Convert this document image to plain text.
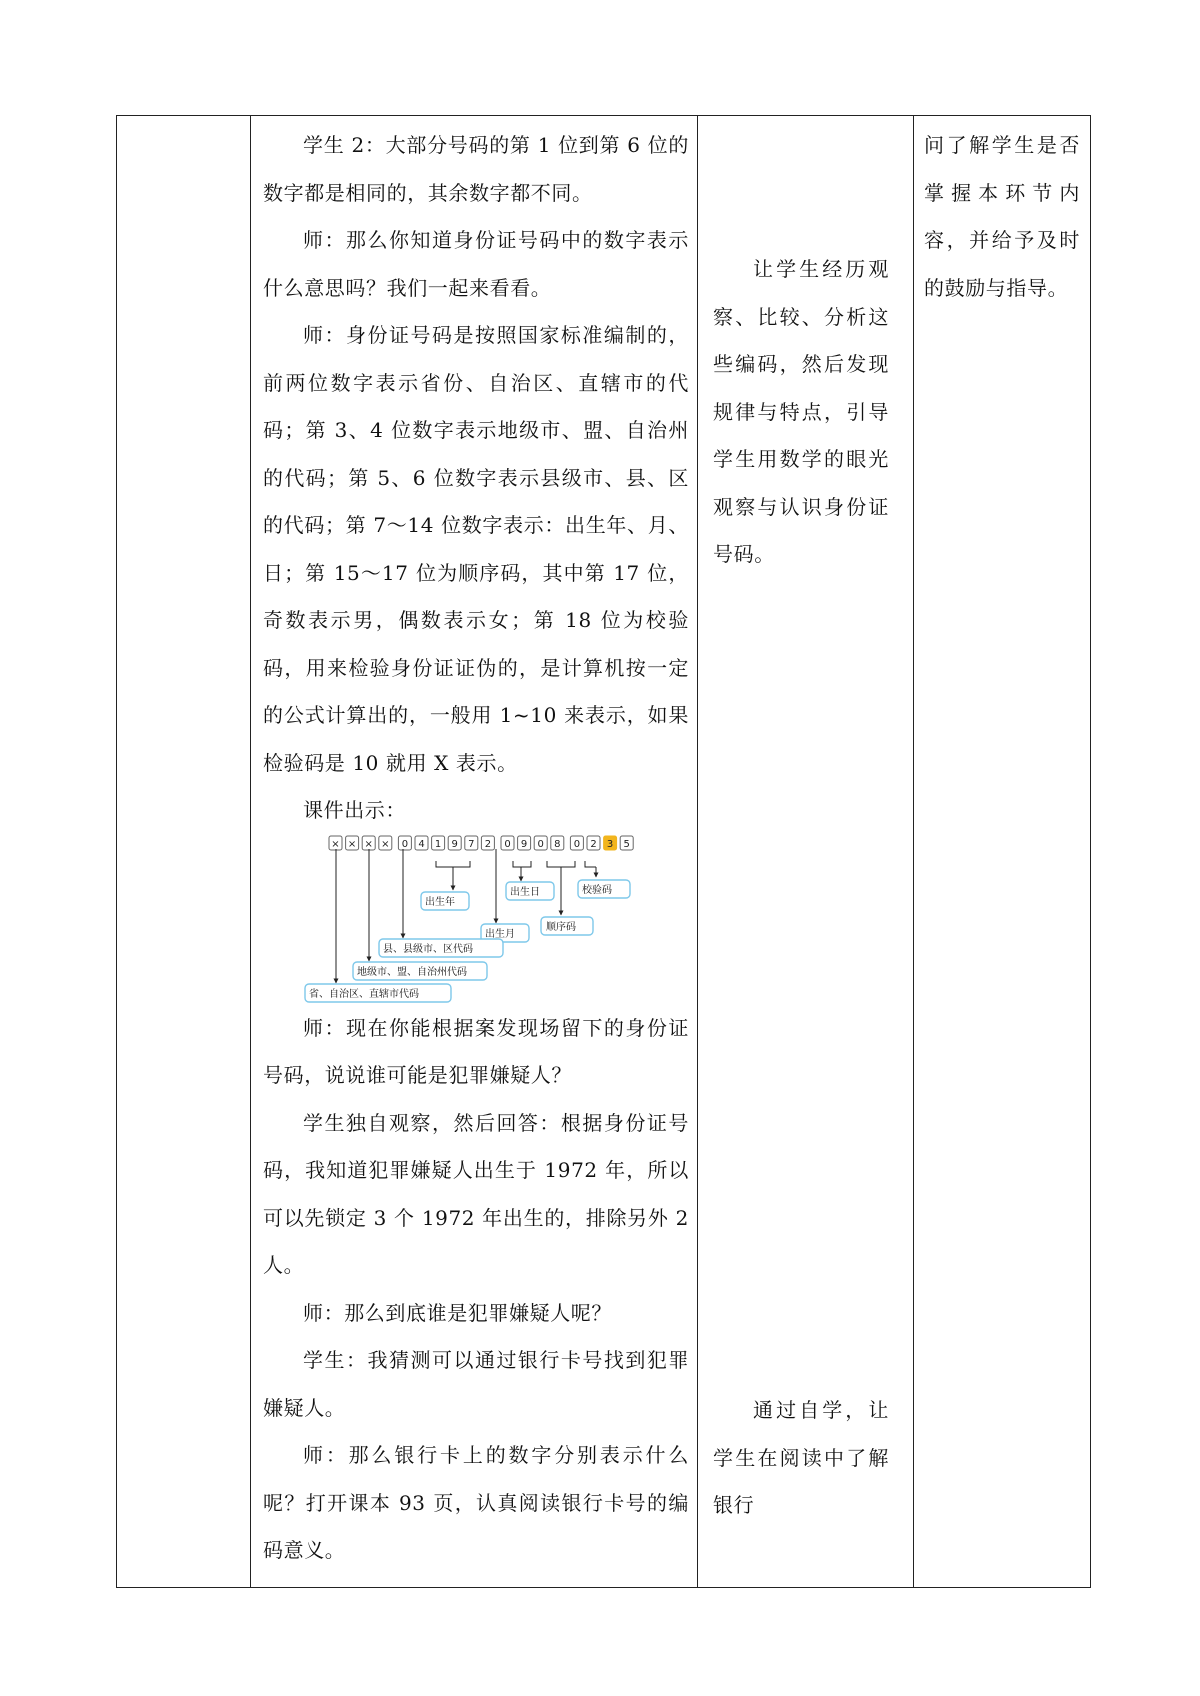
学生 2：大部分号码的第 1 位到第 6 位的数字都是相同的，其余数字都不同。

师：那么你知道身份证号码中的数字表示什么意思吗？我们一起来看看。

师：身份证号码是按照国家标准编制的，前两位数字表示省份、自治区、直辖市的代码；第 3、4 位数字表示地级市、盟、自治州的代码；第 5、6 位数字表示县级市、县、区的代码；第 7～14 位数字表示：出生年、月、日；第 15～17 位为顺序码，其中第 17 位，奇数表示男，偶数表示女；第 18 位为校验码，用来检验身份证证伪的，是计算机按一定的公式计算出的，一般用 1~10 来表示，如果检验码是 10 就用 X 表示。

课件出示：

× × × × 0 4 1 9 7 2 0 9 0 8 0 2 3 5
出生年
出生日	校验码
出生月
顺序码
县、县级市、区代码
地级市、盟、自治州代码
省、自治区、直辖市代码

师：现在你能根据案发现场留下的身份证号码，说说谁可能是犯罪嫌疑人？

学生独自观察，然后回答：根据身份证号码，我知道犯罪嫌疑人出生于 1972 年，所以可以先锁定 3 个 1972 年出生的，排除另外 2 人。

师：那么到底谁是犯罪嫌疑人呢？

学生：我猜测可以通过银行卡号找到犯罪嫌疑人。

师：那么银行卡上的数字分别表示什么呢？打开课本 93 页，认真阅读银行卡号的编码意义。

让学生经历观察、比较、分析这些编码，然后发现规律与特点，引导学生用数学的眼光观察与认识身份证号码。

通过自学，让学生在阅读中了解银行

问了解学生是否掌握本环节内容，并给予及时的鼓励与指导。
